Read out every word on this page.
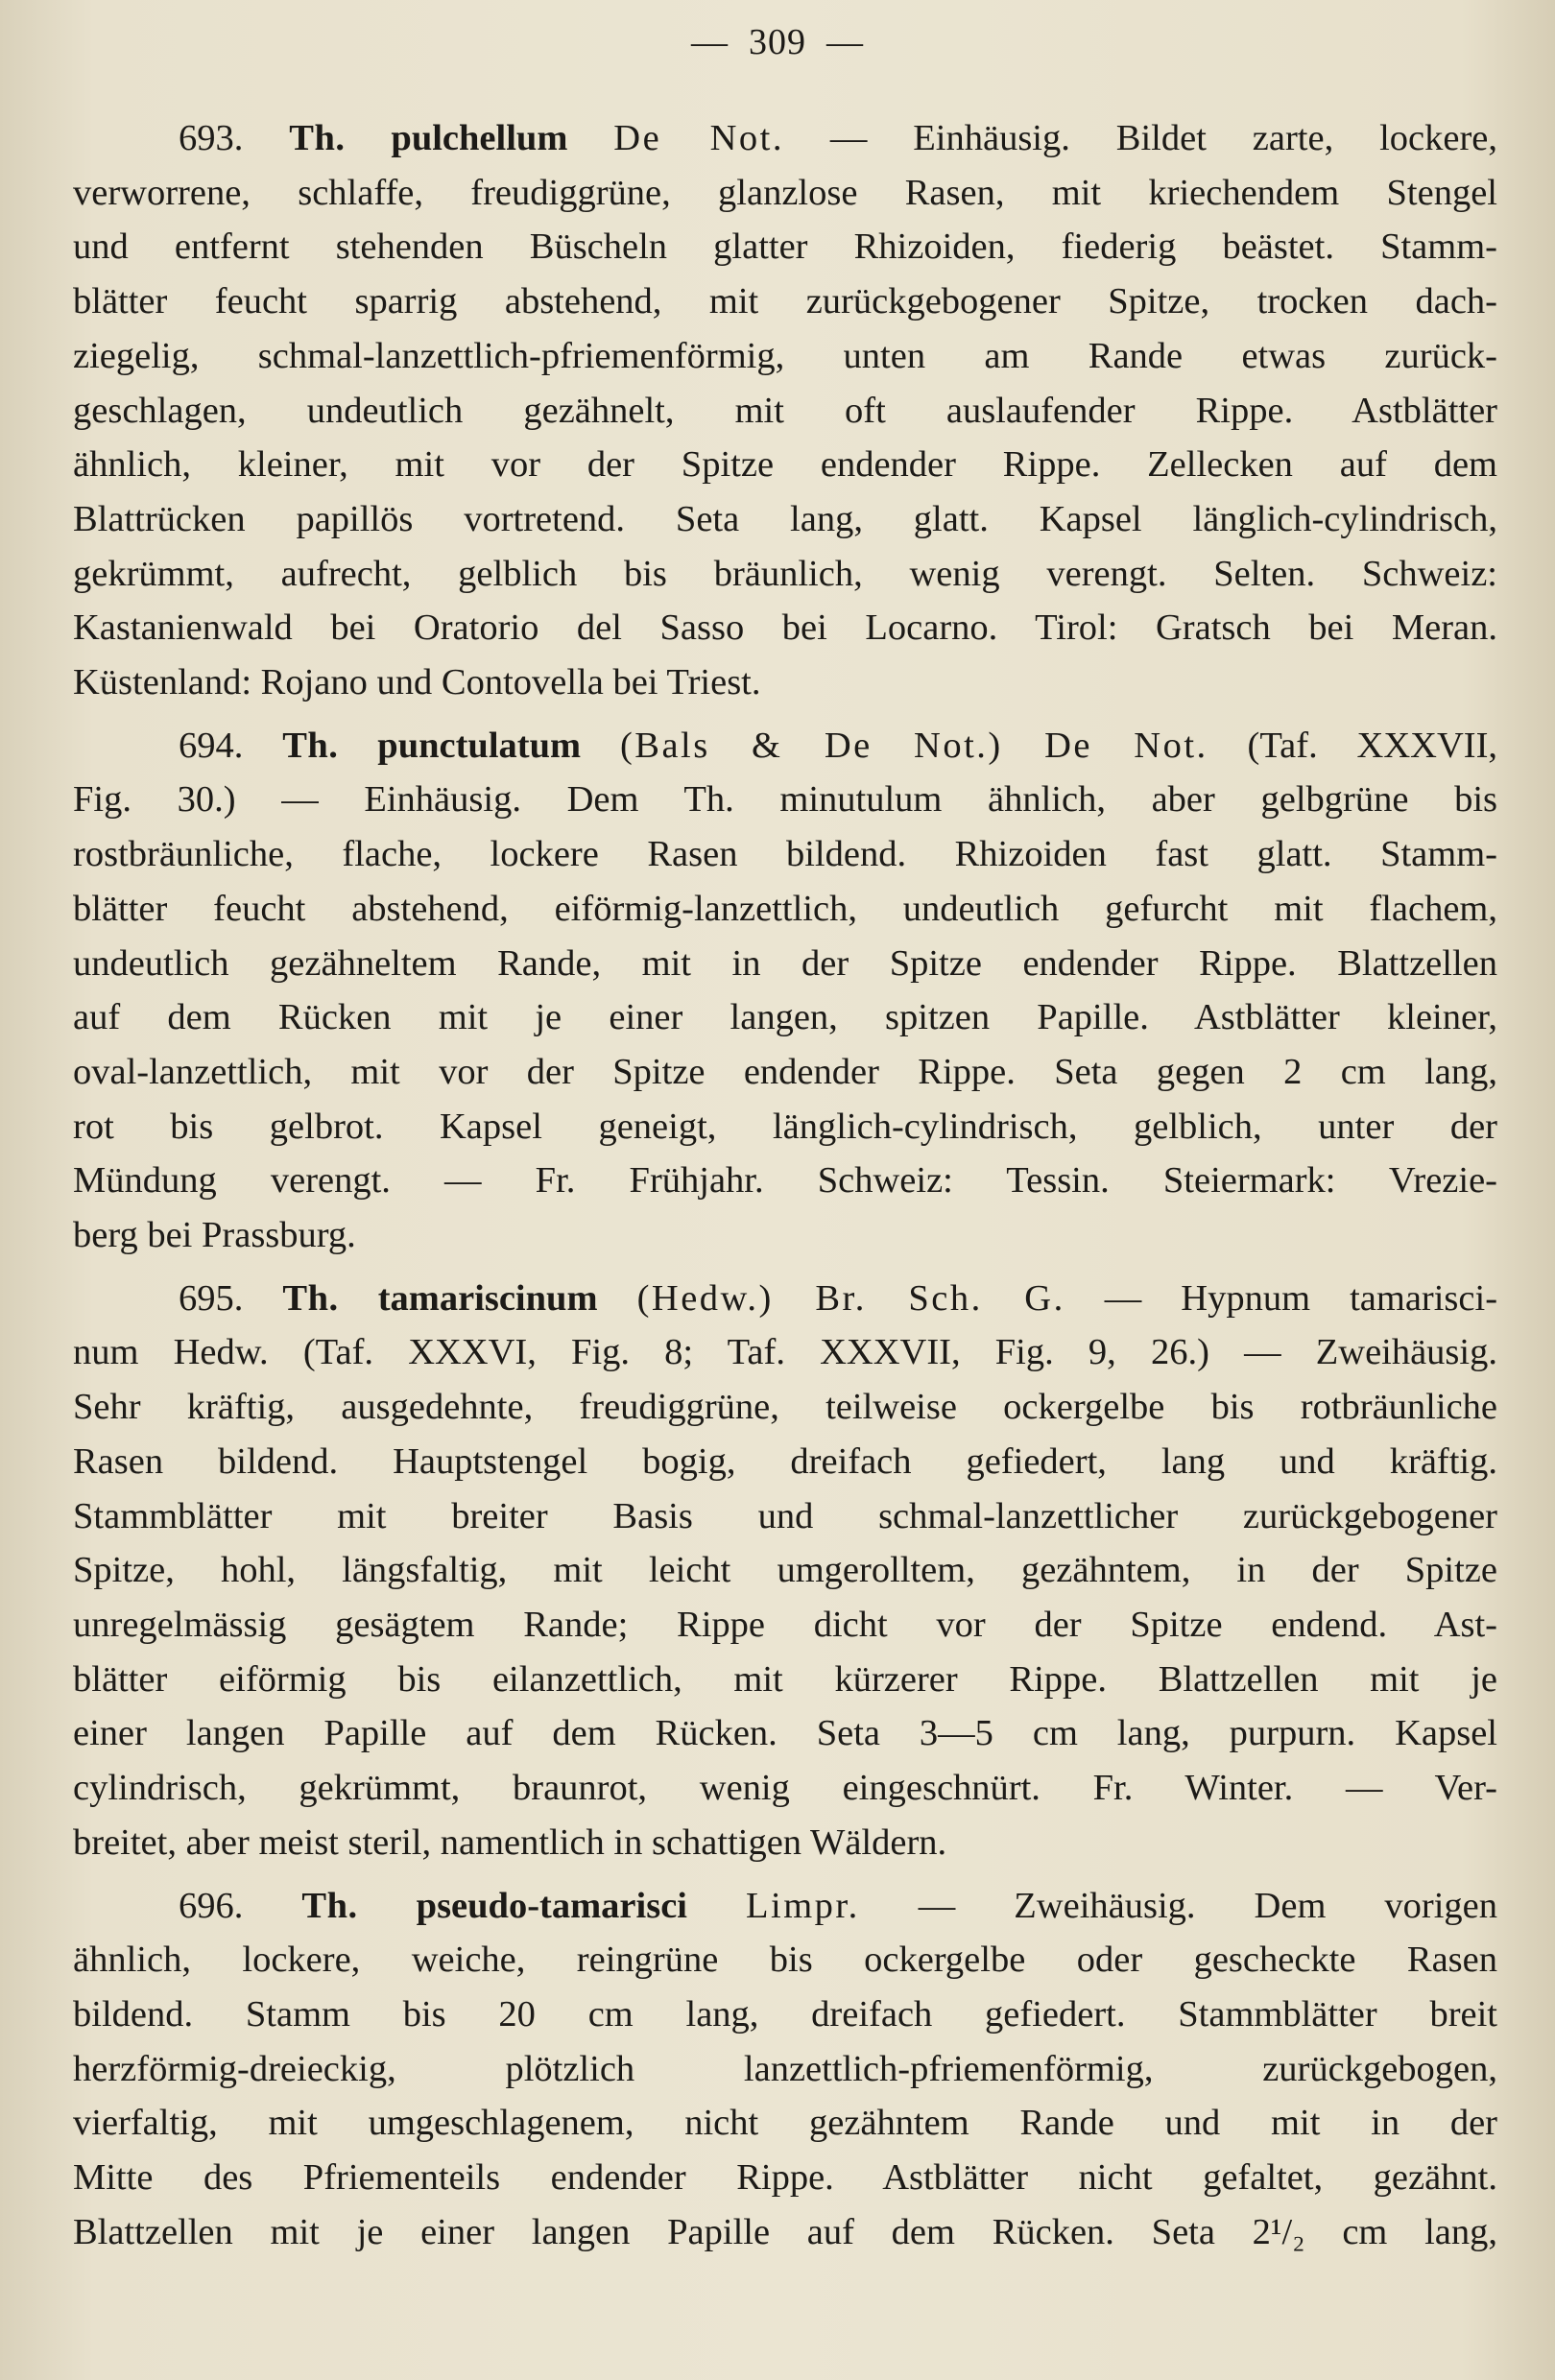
—  309  —
693. Th. pulchellum De Not. — Einhäusig. Bildet zarte, lockere,
verworrene, schlaffe, freudiggrüne, glanzlose Rasen, mit kriechendem Stengel
und entfernt stehenden Büscheln glatter Rhizoiden, fiederig beästet. Stamm-
blätter feucht sparrig abstehend, mit zurückgebogener Spitze, trocken dach-
ziegelig, schmal-lanzettlich-pfriemenförmig, unten am Rande etwas zurück-
geschlagen, undeutlich gezähnelt, mit oft auslaufender Rippe. Astblätter
ähnlich, kleiner, mit vor der Spitze endender Rippe. Zellecken auf dem
Blattrücken papillös vortretend. Seta lang, glatt. Kapsel länglich-cylindrisch,
gekrümmt, aufrecht, gelblich bis bräunlich, wenig verengt. Selten. Schweiz:
Kastanienwald bei Oratorio del Sasso bei Locarno. Tirol: Gratsch bei Meran.
Küstenland: Rojano und Contovella bei Triest.
694. Th. punctulatum (Bals & De Not.) De Not. (Taf. XXXVII,
Fig. 30.) — Einhäusig. Dem Th. minutulum ähnlich, aber gelbgrüne bis
rostbräunliche, flache, lockere Rasen bildend. Rhizoiden fast glatt. Stamm-
blätter feucht abstehend, eiförmig-lanzettlich, undeutlich gefurcht mit flachem,
undeutlich gezähneltem Rande, mit in der Spitze endender Rippe. Blattzellen
auf dem Rücken mit je einer langen, spitzen Papille. Astblätter kleiner,
oval-lanzettlich, mit vor der Spitze endender Rippe. Seta gegen 2 cm lang,
rot bis gelbrot. Kapsel geneigt, länglich-cylindrisch, gelblich, unter der
Mündung verengt. — Fr. Frühjahr. Schweiz: Tessin. Steiermark: Vrezie-
berg bei Prassburg.
695. Th. tamariscinum (Hedw.) Br. Sch. G. — Hypnum tamarisci-
num Hedw. (Taf. XXXVI, Fig. 8; Taf. XXXVII, Fig. 9, 26.) — Zweihäusig.
Sehr kräftig, ausgedehnte, freudiggrüne, teilweise ockergelbe bis rotbräunliche
Rasen bildend. Hauptstengel bogig, dreifach gefiedert, lang und kräftig.
Stammblätter mit breiter Basis und schmal-lanzettlicher zurückgebogener
Spitze, hohl, längsfaltig, mit leicht umgerolltem, gezähntem, in der Spitze
unregelmässig gesägtem Rande; Rippe dicht vor der Spitze endend. Ast-
blätter eiförmig bis eilanzettlich, mit kürzerer Rippe. Blattzellen mit je
einer langen Papille auf dem Rücken. Seta 3—5 cm lang, purpurn. Kapsel
cylindrisch, gekrümmt, braunrot, wenig eingeschnürt. Fr. Winter. — Ver-
breitet, aber meist steril, namentlich in schattigen Wäldern.
696. Th. pseudo-tamarisci Limpr. — Zweihäusig. Dem vorigen
ähnlich, lockere, weiche, reingrüne bis ockergelbe oder gescheckte Rasen
bildend. Stamm bis 20 cm lang, dreifach gefiedert. Stammblätter breit
herzförmig-dreieckig, plötzlich lanzettlich-pfriemenförmig, zurückgebogen,
vierfaltig, mit umgeschlagenem, nicht gezähntem Rande und mit in der
Mitte des Pfriementeils endender Rippe. Astblätter nicht gefaltet, gezähnt.
Blattzellen mit je einer langen Papille auf dem Rücken. Seta 2¹/₂ cm lang,
